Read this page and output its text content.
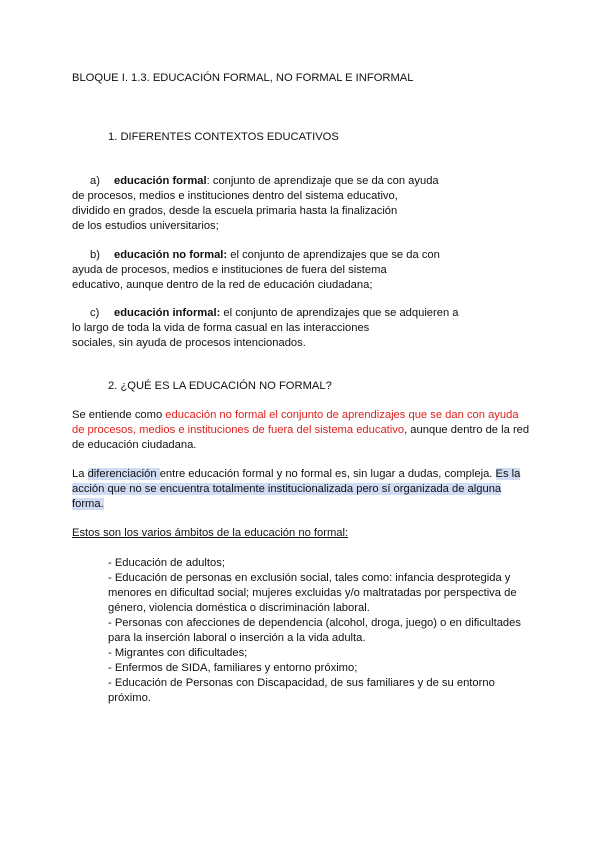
BLOQUE I. 1.3. EDUCACIÓN FORMAL, NO FORMAL E INFORMAL
1. DIFERENTES CONTEXTOS EDUCATIVOS
a) educación formal: conjunto de aprendizaje que se da con ayuda
de procesos, medios e instituciones dentro del sistema educativo,
dividido en grados, desde la escuela primaria hasta la finalización
de los estudios universitarios;
b) educación no formal: el conjunto de aprendizajes que se da con
ayuda de procesos, medios e instituciones de fuera del sistema
educativo, aunque dentro de la red de educación ciudadana;
c) educación informal: el conjunto de aprendizajes que se adquieren a
lo largo de toda la vida de forma casual en las interacciones
sociales, sin ayuda de procesos intencionados.
2. ¿QUÉ ES LA EDUCACIÓN NO FORMAL?
Se entiende como educación no formal el conjunto de aprendizajes que se dan con ayuda
de procesos, medios e instituciones de fuera del sistema educativo, aunque dentro de la red
de educación ciudadana.
La diferenciación entre educación formal y no formal es, sin lugar a dudas, compleja. Es la
acción que no se encuentra totalmente institucionalizada pero sí organizada de alguna
forma.
Estos son los varios ámbitos de la educación no formal:
- Educación de adultos;
- Educación de personas en exclusión social, tales como: infancia desprotegida y
menores en dificultad social; mujeres excluidas y/o maltratadas por perspectiva de
género, violencia doméstica o discriminación laboral.
- Personas con afecciones de dependencia (alcohol, droga, juego) o en dificultades
para la inserción laboral o inserción a la vida adulta.
- Migrantes con dificultades;
- Enfermos de SIDA, familiares y entorno próximo;
- Educación de Personas con Discapacidad, de sus familiares y de su entorno
próximo.
